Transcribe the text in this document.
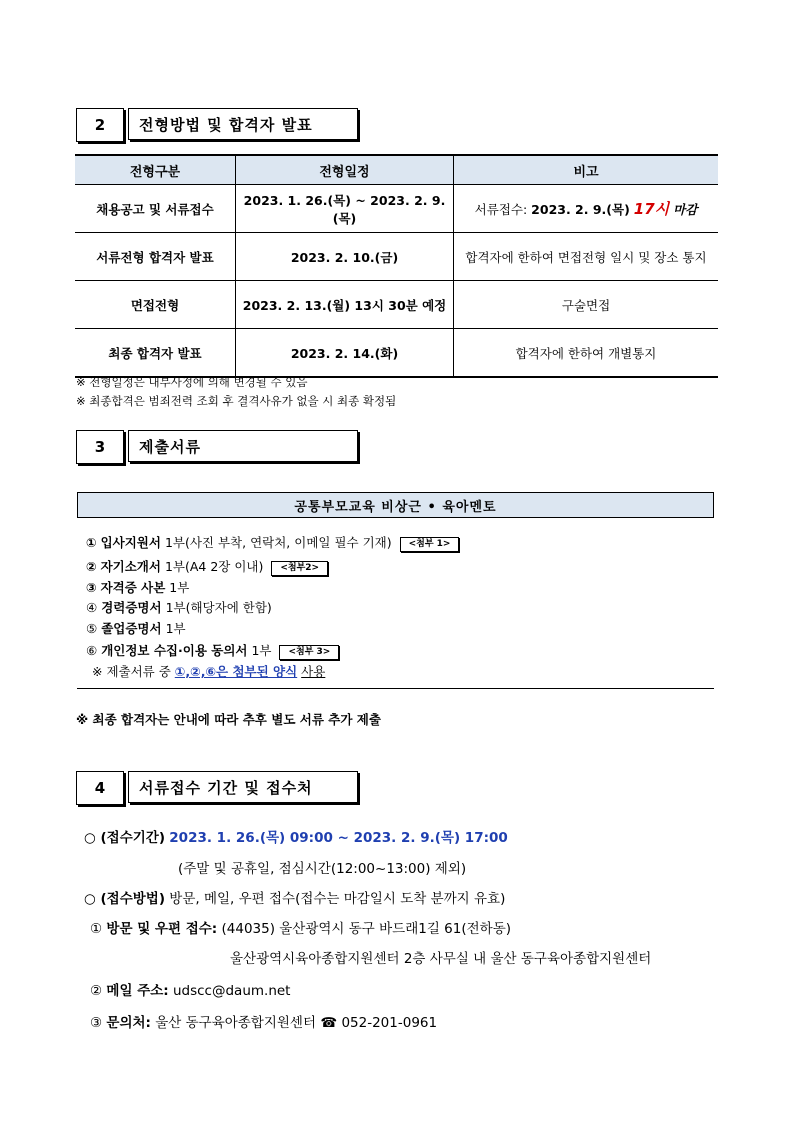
2	전형방법 및 합격자 발표
전형구분	전형일정	비고
채용공고 및 서류접수	2023. 1. 26.(목) ~ 2023. 2. 9.(목)	서류접수: 2023. 2. 9.(목) 17시 마감
서류전형 합격자 발표	2023. 2. 10.(금)	합격자에 한하여 면접전형 일시 및 장소 통지
면접전형	2023. 2. 13.(월) 13시 30분 예정	구술면접
최종 합격자 발표	2023. 2. 14.(화)	합격자에 한하여 개별통지
※ 전형일정은 내부사정에 의해 변경될 수 있음
※ 최종합격은 범죄전력 조회 후 결격사유가 없을 시 최종 확정됨
3	제출서류
공통부모교육 비상근 • 육아멘토
① 입사지원서 1부(사진 부착, 연락처, 이메일 필수 기재) <첨부 1>
② 자기소개서 1부(A4 2장 이내) <첨부2>
③ 자격증 사본 1부
④ 경력증명서 1부(해당자에 한함)
⑤ 졸업증명서 1부
⑥ 개인정보 수집·이용 동의서 1부 <첨부 3>
※ 제출서류 중 ①,②,⑥은 첨부된 양식 사용
※ 최종 합격자는 안내에 따라 추후 별도 서류 추가 제출
4	서류접수 기간 및 접수처
○ (접수기간) 2023. 1. 26.(목) 09:00 ~ 2023. 2. 9.(목) 17:00
(주말 및 공휴일, 점심시간(12:00~13:00) 제외)
○ (접수방법) 방문, 메일, 우편 접수(접수는 마감일시 도착 분까지 유효)
① 방문 및 우편 접수: (44035) 울산광역시 동구 바드래1길 61(전하동)
울산광역시육아종합지원센터 2층 사무실 내 울산 동구육아종합지원센터
② 메일 주소: udscc@daum.net
③ 문의처: 울산 동구육아종합지원센터 ☎ 052-201-0961
